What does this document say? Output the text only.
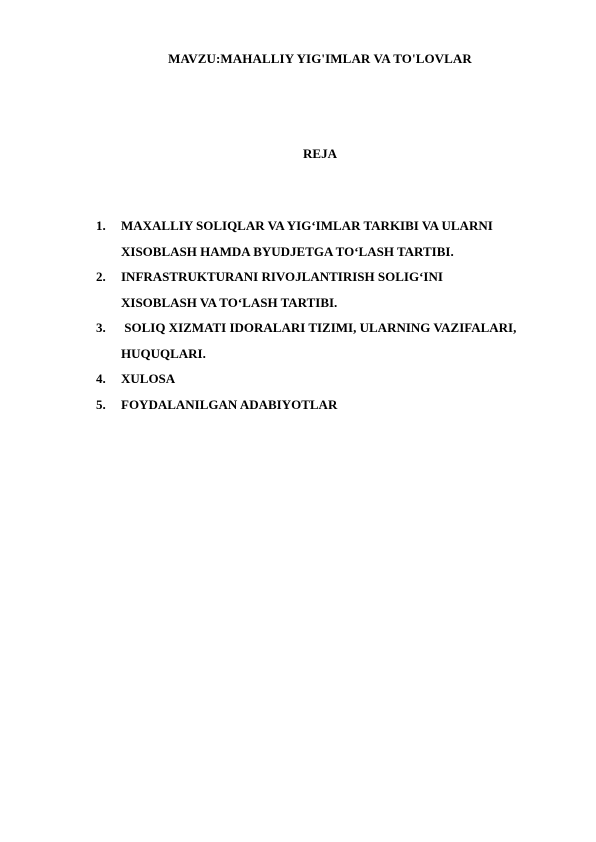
MAVZU:MAHALLIY YIG'IMLAR VA TO'LOVLAR
REJA
1. MAXALLIY SOLIQLAR VA YIG‘IMLAR TARKIBI VA ULARNI
XISOBLASH HAMDA BYUDJETGA TO‘LASH TARTIBI.
2. INFRASTRUKTURANI RIVOJLANTIRISH SOLIG‘INI
XISOBLASH VA TO‘LASH TARTIBI.
3. SOLIQ XIZMATI IDORALARI TIZIMI, ULARNING VAZIFALARI,
HUQUQLARI.
4. XULOSA
5. FOYDALANILGAN ADABIYOTLAR
